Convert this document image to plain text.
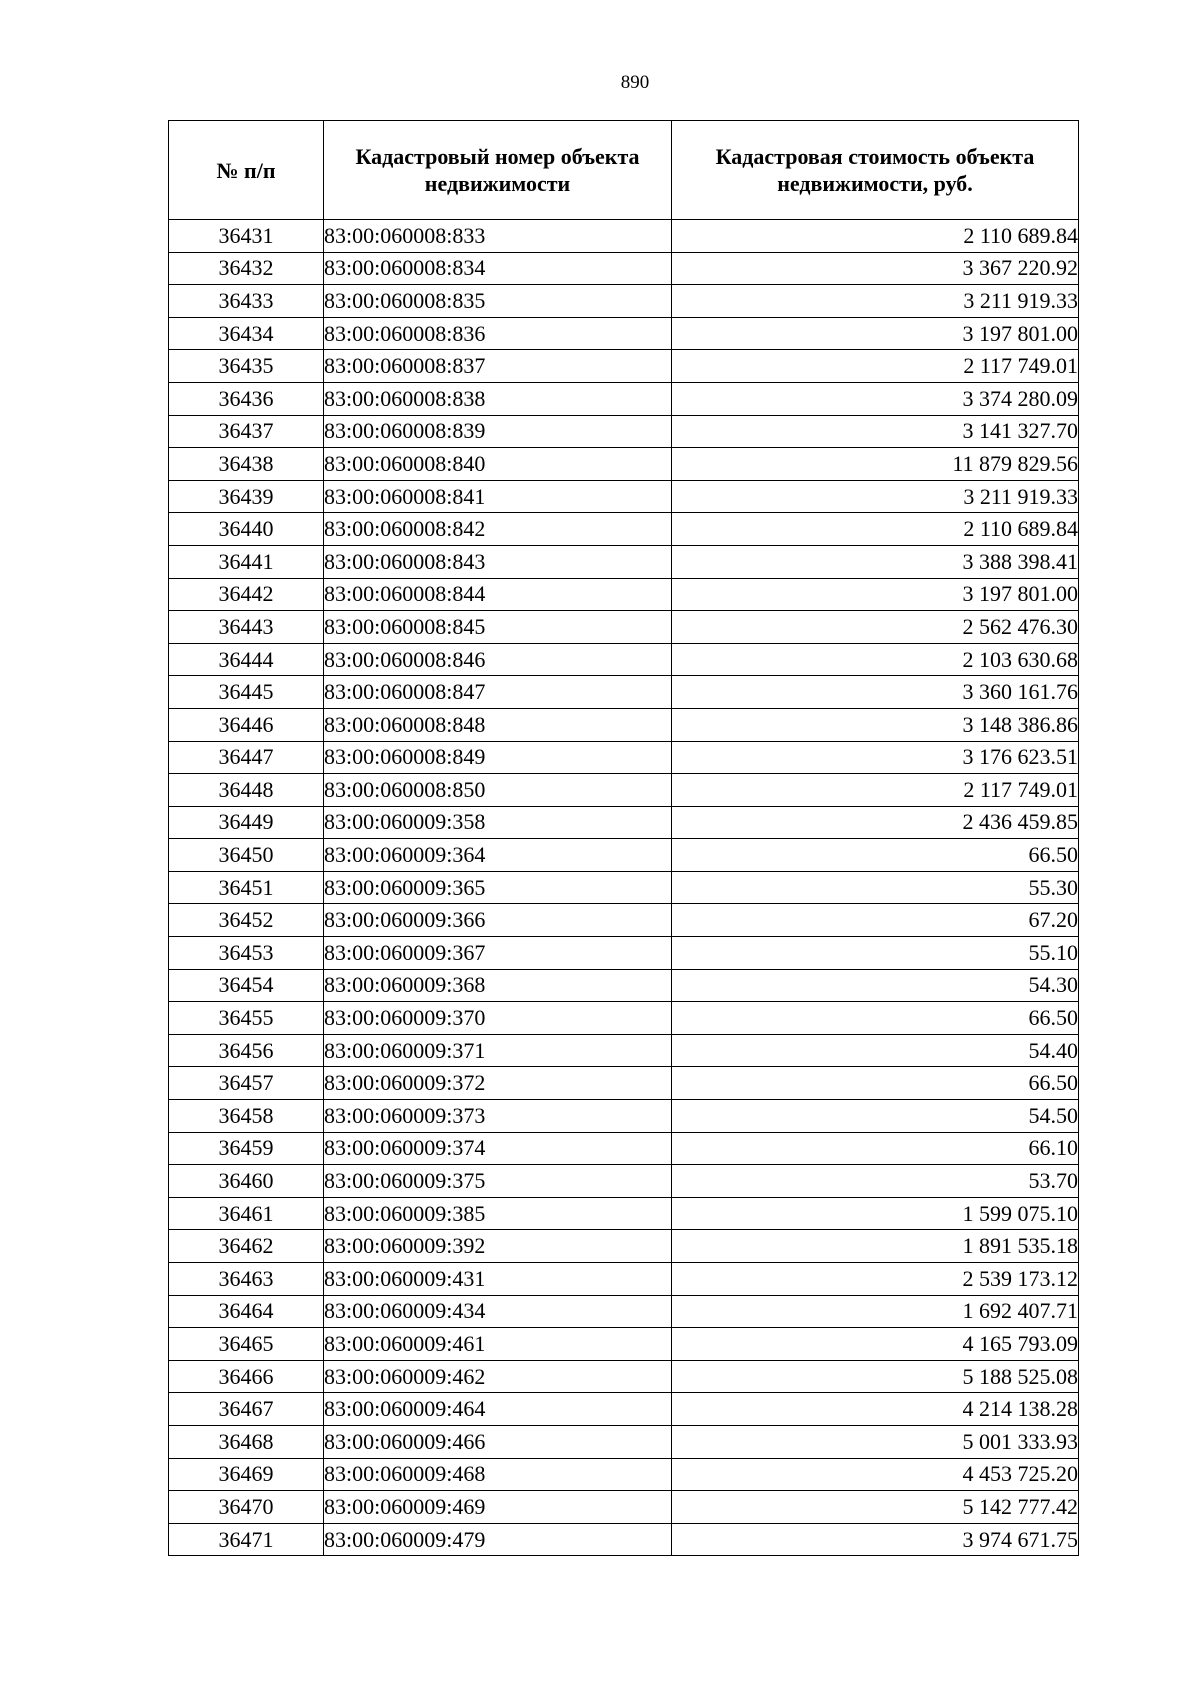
890
№ п/п	Кадастровый номер объекта недвижимости	Кадастровая стоимость объекта недвижимости, руб.
36431	83:00:060008:833	2 110 689.84
36432	83:00:060008:834	3 367 220.92
36433	83:00:060008:835	3 211 919.33
36434	83:00:060008:836	3 197 801.00
36435	83:00:060008:837	2 117 749.01
36436	83:00:060008:838	3 374 280.09
36437	83:00:060008:839	3 141 327.70
36438	83:00:060008:840	11 879 829.56
36439	83:00:060008:841	3 211 919.33
36440	83:00:060008:842	2 110 689.84
36441	83:00:060008:843	3 388 398.41
36442	83:00:060008:844	3 197 801.00
36443	83:00:060008:845	2 562 476.30
36444	83:00:060008:846	2 103 630.68
36445	83:00:060008:847	3 360 161.76
36446	83:00:060008:848	3 148 386.86
36447	83:00:060008:849	3 176 623.51
36448	83:00:060008:850	2 117 749.01
36449	83:00:060009:358	2 436 459.85
36450	83:00:060009:364	66.50
36451	83:00:060009:365	55.30
36452	83:00:060009:366	67.20
36453	83:00:060009:367	55.10
36454	83:00:060009:368	54.30
36455	83:00:060009:370	66.50
36456	83:00:060009:371	54.40
36457	83:00:060009:372	66.50
36458	83:00:060009:373	54.50
36459	83:00:060009:374	66.10
36460	83:00:060009:375	53.70
36461	83:00:060009:385	1 599 075.10
36462	83:00:060009:392	1 891 535.18
36463	83:00:060009:431	2 539 173.12
36464	83:00:060009:434	1 692 407.71
36465	83:00:060009:461	4 165 793.09
36466	83:00:060009:462	5 188 525.08
36467	83:00:060009:464	4 214 138.28
36468	83:00:060009:466	5 001 333.93
36469	83:00:060009:468	4 453 725.20
36470	83:00:060009:469	5 142 777.42
36471	83:00:060009:479	3 974 671.75
